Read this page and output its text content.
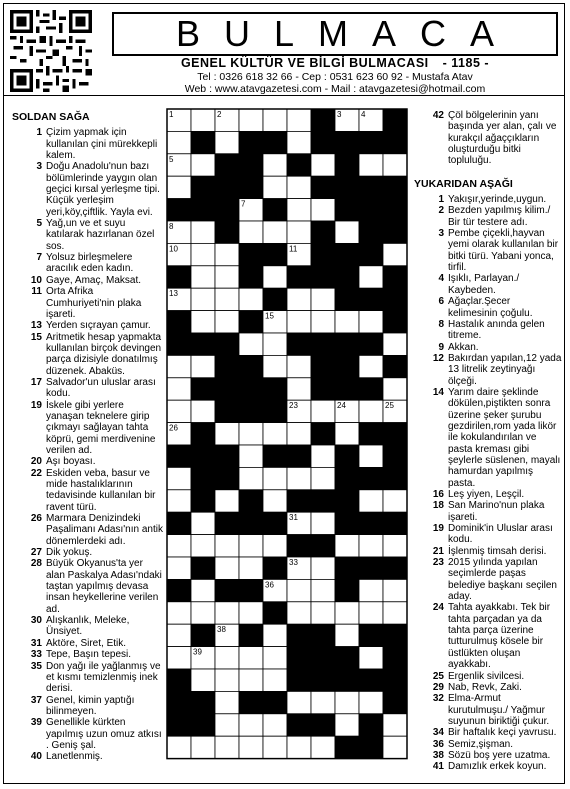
BULMACA
GENEL KÜLTÜR VE BİLGİ BULMACASI - 1185 -
Tel : 0326 618 32 66 - Cep : 0531 623 60 92 - Mustafa Atav
Web : www.atavgazetesi.com - Mail : atavgazetesi@hotmail.com
SOLDAN SAĞA
1 Çizim yapmak için kullanılan çini mürekkepli kalem.
3 Doğu Anadolu'nun bazı bölümlerinde yaygın olan geçici kırsal yerleşme tipi. Küçük yerleşim yeri,köy,çiftlik. Yayla evi.
5 Yağ,un ve et suyu katılarak hazırlanan özel sos.
7 Yolsuz birleşmelere aracılık eden kadın.
10 Gaye, Amaç, Maksat.
11 Orta Afrika Cumhuriyeti'nin plaka işareti.
13 Yerden sıçrayan çamur.
15 Aritmetik hesap yapmakta kullanılan birçok devingen parça dizisiyle donatılmış düzenek. Abaküs.
17 Salvador'un uluslar arası kodu.
19 İskele gibi yerlere yanaşan teknelere girip çıkmayı sağlayan tahta köprü, gemi merdivenine verilen ad.
20 Aşı boyası.
22 Eskiden veba, basur ve mide hastalıklarının tedavisinde kullanılan bir ravent türü.
26 Marmara Denizindeki Paşalimanı Adası'nın antik dönemlerdeki adı.
27 Dik yokuş.
28 Büyük Okyanus'ta yer alan Paskalya Adası'ndaki taştan yapılmış devasa insan heykellerine verilen ad.
30 Alışkanlık, Meleke, Ünsiyet.
31 Aktöre, Siret, Etik.
33 Tepe, Başın tepesi.
35 Don yağı ile yağlanmış ve et kısmı temizlenmiş inek derisi.
37 Genel, kimin yaptığı bilinmeyen.
39 Genellikle kürkten yapılmış uzun omuz atkısı . Geniş şal.
40 Lanetlenmiş.
1	2	3 4
5	6
7
8	9
10	11 12
13	14
15
16 17	18
19
20 21
22	23	24	25
26
27
28
29
30	31	32
33	34
35	36
37
38
39	40
41
42
42 Çöl bölgelerinin yanı başında yer alan, çalı ve kurakçıl ağaççıkların oluşturduğu bitki topluluğu.
YUKARIDAN AŞAĞI
1 Yakışır,yerinde,uygun.
2 Bezden yapılmış kilim./ Bir tür testere adı.
3 Pembe çiçekli,hayvan yemi olarak kullanılan bir bitki türü. Yabani yonca, tirfil.
4 Işıklı, Parlayan./ Kaybeden.
6 Ağaçlar.Şecer kelimesinin çoğulu.
8 Hastalık anında gelen titreme.
9 Akkan.
12 Bakırdan yapılan,12 yada 13 litrelik zeytinyağı ölçeği.
14 Yarım daire şeklinde dökülen,piştikten sonra üzerine şeker şurubu gezdirilen,rom yada likör ile kokulandırılan ve pasta kreması gibi şeylerle süslenen, mayalı hamurdan yapılmış pasta.
16 Leş yiyen, Leşçil.
18 San Marino'nun plaka işareti.
19 Dominik'in Uluslar arası kodu.
21 İşlenmiş timsah derisi.
23 2015 yılında yapılan seçimlerde paşas belediye başkanı seçilen aday.
24 Tahta ayakkabı. Tek bir tahta parçadan ya da tahta parça üzerine tutturulmuş kösele bir üstlükten oluşan ayakkabı.
25 Ergenlik sivilcesi.
29 Nab, Revk, Zaki.
32 Elma-Armut kurutulmuşu./ Yağmur suyunun biriktiği çukur.
34 Bir haftalık keçi yavrusu.
36 Semiz,şişman.
38 Sözü boş yere uzatma.
41 Damızlık erkek koyun.
